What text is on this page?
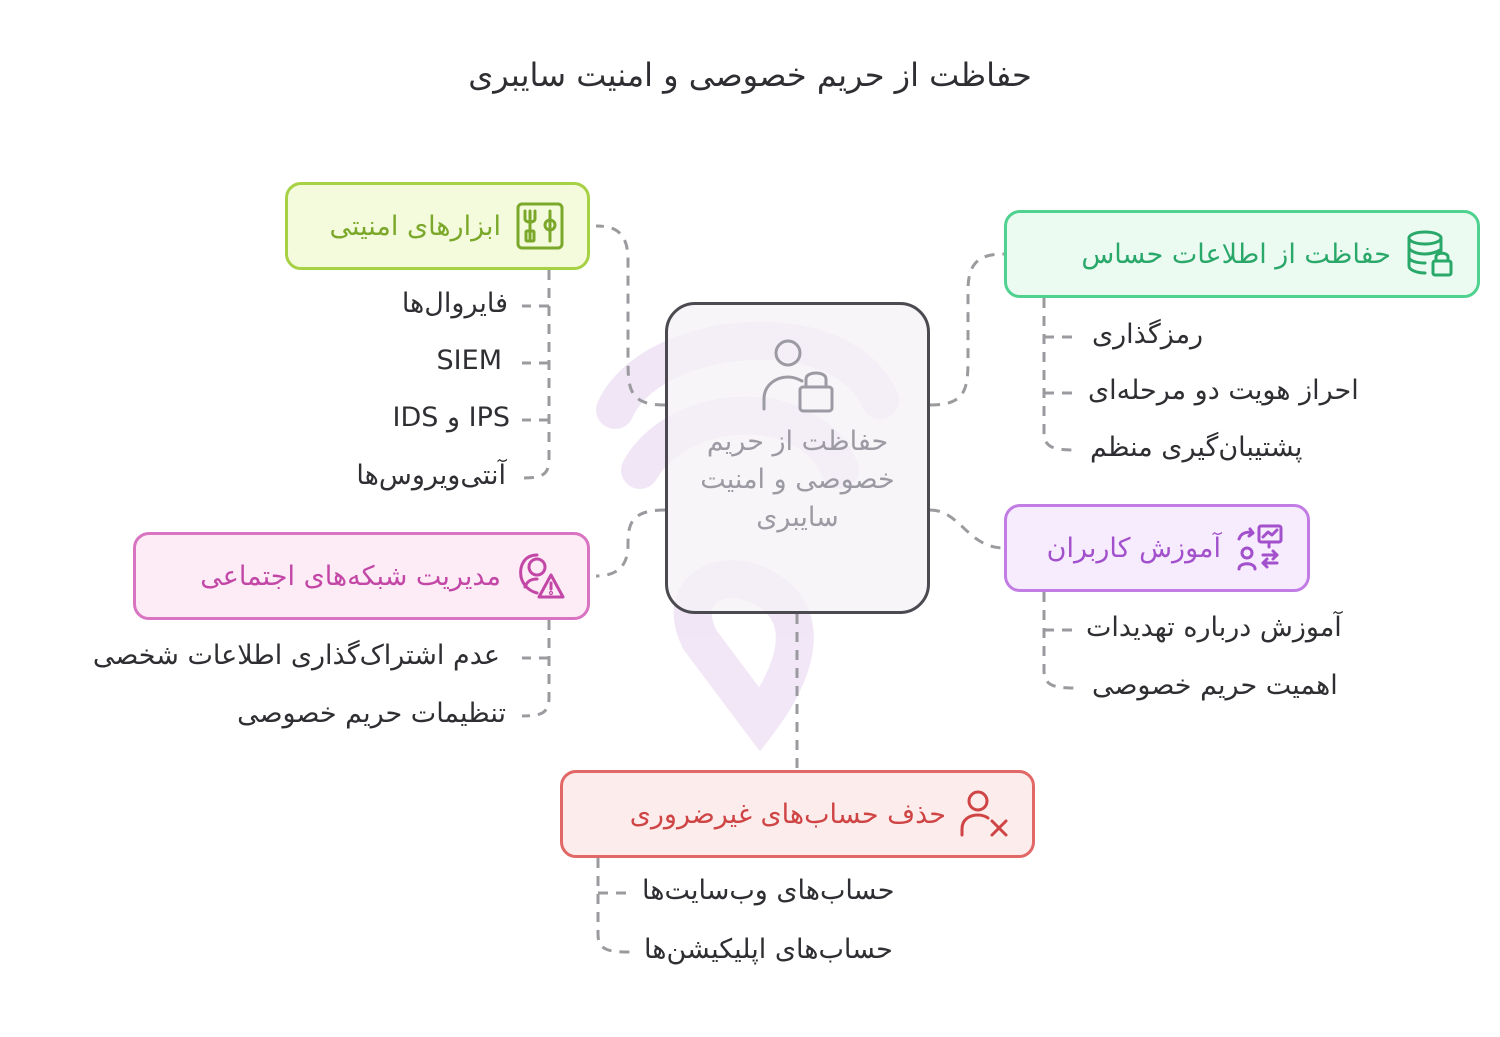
حفاظت از حریم خصوصی و امنیت سایبری
حفاظت از حریم خصوصی و امنیت سایبری
ابزارهای امنیتی
حفاظت از اطلاعات حساس
مدیریت شبکه‌های اجتماعی
آموزش کاربران
حذف حساب‌های غیرضروری
فایروال‌ها
SIEM
IPS و IDS
آنتی‌ویروس‌ها
رمزگذاری
احراز هویت دو مرحله‌ای
پشتیبان‌گیری منظم
عدم اشتراک‌گذاری اطلاعات شخصی
تنظیمات حریم خصوصی
آموزش درباره تهدیدات
اهمیت حریم خصوصی
حساب‌های وب‌سایت‌ها
حساب‌های اپلیکیشن‌ها
